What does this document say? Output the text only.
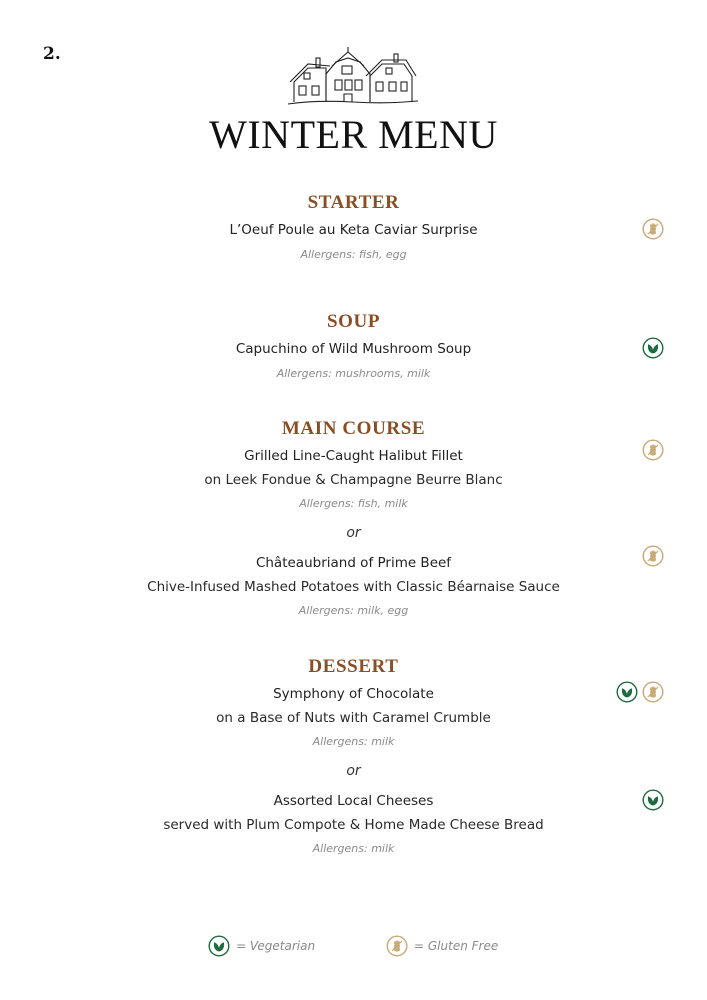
2.
WINTER MENU
STARTER
L’Oeuf Poule au Keta Caviar Surprise
Allergens: fish, egg
SOUP
Capuchino of Wild Mushroom Soup
Allergens: mushrooms, milk
MAIN COURSE
Grilled Line-Caught Halibut Fillet
on Leek Fondue & Champagne Beurre Blanc
Allergens: fish, milk
or
Châteaubriand of Prime Beef
Chive-Infused Mashed Potatoes with Classic Béarnaise Sauce
Allergens: milk, egg
DESSERT
Symphony of Chocolate
on a Base of Nuts with Caramel Crumble
Allergens: milk
or
Assorted Local Cheeses
served with Plum Compote & Home Made Cheese Bread
Allergens: milk
= Vegetarian	= Gluten Free
